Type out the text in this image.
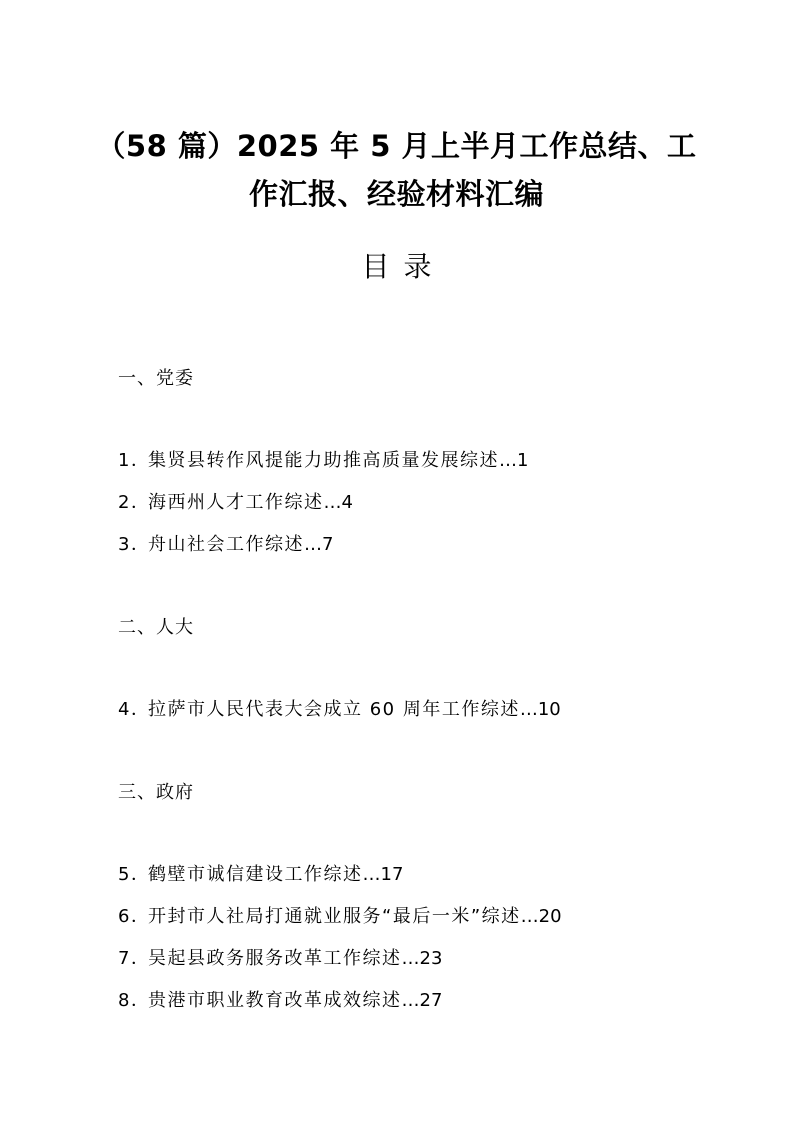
（58 篇）2025 年 5 月上半月工作总结、工
作汇报、经验材料汇编
目录
一、党委
1．集贤县转作风提能力助推高质量发展综述…1
2．海西州人才工作综述…4
3．舟山社会工作综述…7
二、人大
4．拉萨市人民代表大会成立 60 周年工作综述…10
三、政府
5．鹤壁市诚信建设工作综述…17
6．开封市人社局打通就业服务“最后一米”综述…20
7．吴起县政务服务改革工作综述…23
8．贵港市职业教育改革成效综述…27
